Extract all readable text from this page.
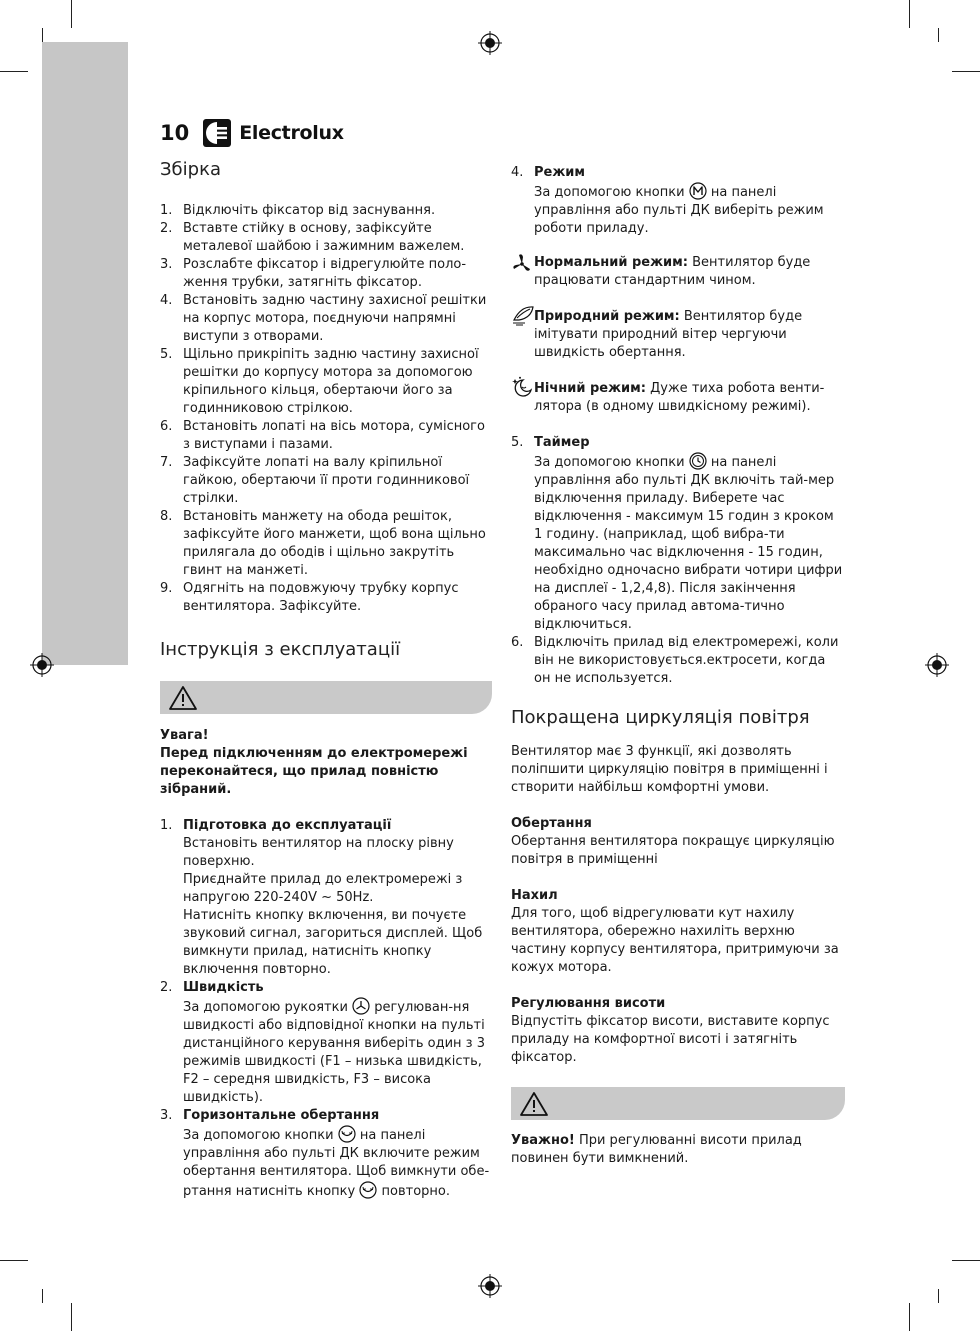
10	Electrolux
Збірка
1. Відключіть фіксатор від заснування.
2. Вставте стійку в основу, зафіксуйте металевої шайбою і зажимним важелем.
3. Розслабте фіксатор і відрегулюйте поло-ження трубки, затягніть фіксатор.
4. Встановіть задню частину захисної решітки на корпус мотора, поєднуючи напрямні виступи з отворами.
5. Щільно прикріпіть задню частину захисної решітки до корпусу мотора за допомогою кріпильного кільця, обертаючи його за годинниковою стрілкою.
6. Встановіть лопаті на вісь мотора, сумісного з виступами і пазами.
7. Зафіксуйте лопаті на валу кріпильної гайкою, обертаючи її проти годинникової стрілки.
8. Встановіть манжету на обода решіток, зафіксуйте його манжети, щоб вона щільно прилягала до ободів і щільно закрутіть гвинт на манжеті.
9. Одягніть на подовжуючу трубку корпус вентилятора. Зафіксуйте.
Інструкція з експлуатації
Увага!
Перед підключенням до електромережі переконайтеся, що прилад повністю зібраний.
1. Підготовка до експлуатації
Встановіть вентилятор на плоску рівну поверхню.
Приєднайте прилад до електромережі з напругою 220-240V ~ 50Hz.
Натисніть кнопку включення, ви почуєте звуковий сигнал, загориться дисплей. Щоб вимкнути прилад, натисніть кнопку включення повторно.
2. Швидкість
За допомогою рукоятки регулюван-ня швидкості або відповідної кнопки на пульті дистанційного керування виберіть один з 3 режимів швидкості (F1 – низька швидкість, F2 – середня швидкість, F3 – висока швидкість).
3. Горизонтальне обертання
За допомогою кнопки на панелі управління або пульті ДК включите режим обертання вентилятора. Щоб вимкнути обе-ртання натисніть кнопку повторно.
4. Режим
За допомогою кнопки на панелі управління або пульті ДК виберіть режим роботи приладу.
Нормальний режим: Вентилятор буде працювати стандартним чином.
Природний режим: Вентилятор буде імітувати природний вітер чергуючи швидкість обертання.
Нічний режим: Дуже тиха робота венти-лятора (в одному швидкісному режимі).
5. Таймер
За допомогою кнопки на панелі управління або пульті ДК включіть тай-мер відключення приладу. Виберете час відключення - максимум 15 годин з кроком 1 годину. (наприклад, щоб вибра-ти максимально час відключення - 15 годин, необхідно одночасно вибрати чотири цифри на дисплеї - 1,2,4,8). Після закінчення обраного часу прилад автома-тично відключиться.
6. Відключіть прилад від електромережі, коли він не використовується.ектросети, когда он не используется.
Покращена циркуляція повітря
Вентилятор має 3 функції, які дозволять поліпшити циркуляцію повітря в приміщенні і створити найбільш комфортні умови.
Обертання
Обертання вентилятора покращує циркуляцію повітря в приміщенні
Нахил
Для того, щоб відрегулювати кут нахилу вентилятора, обережно нахиліть верхню частину корпусу вентилятора, притримуючи за кожух мотора.
Регулювання висоти
Відпустіть фіксатор висоти, виставите корпус приладу на комфортної висоті і затягніть фіксатор.
Уважно! При регулюванні висоти прилад повинен бути вимкнений.
